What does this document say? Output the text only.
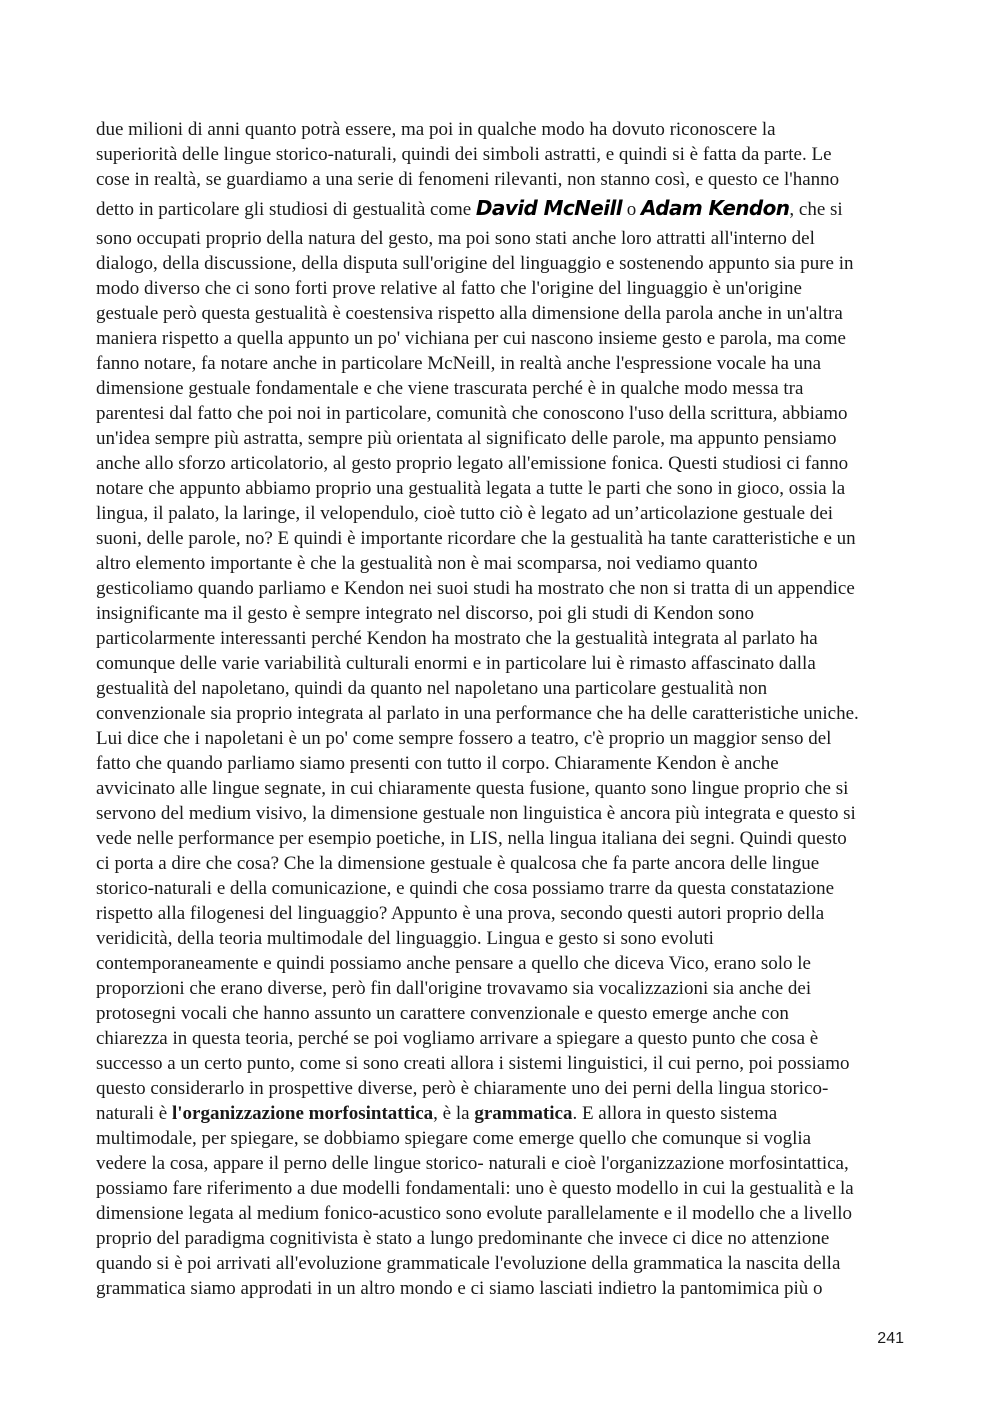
due milioni di anni quanto potrà essere, ma poi in qualche modo ha dovuto riconoscere la
superiorità delle lingue storico-naturali, quindi dei simboli astratti, e quindi si è fatta da parte. Le
cose in realtà, se guardiamo a una serie di fenomeni rilevanti, non stanno così, e questo ce l'hanno
detto in particolare gli studiosi di gestualità come David McNeill o Adam Kendon, che si
sono occupati proprio della natura del gesto, ma poi sono stati anche loro attratti all'interno del
dialogo, della discussione, della disputa sull'origine del linguaggio e sostenendo appunto sia pure in
modo diverso che ci sono forti prove relative al fatto che l'origine del linguaggio è un'origine
gestuale però questa gestualità è coestensiva rispetto alla dimensione della parola anche in un'altra
maniera rispetto a quella appunto un po' vichiana per cui nascono insieme gesto e parola, ma come
fanno notare, fa notare anche in particolare McNeill, in realtà anche l'espressione vocale ha una
dimensione gestuale fondamentale e che viene trascurata perché è in qualche modo messa tra
parentesi dal fatto che poi noi in particolare, comunità che conoscono l'uso della scrittura, abbiamo
un'idea sempre più astratta, sempre più orientata al significato delle parole, ma appunto pensiamo
anche allo sforzo articolatorio, al gesto proprio legato all'emissione fonica. Questi studiosi ci fanno
notare che appunto abbiamo proprio una gestualità legata a tutte le parti che sono in gioco, ossia la
lingua, il palato, la laringe, il velopendulo, cioè tutto ciò è legato ad un’articolazione gestuale dei
suoni, delle parole, no? E quindi è importante ricordare che la gestualità ha tante caratteristiche e un
altro elemento importante è che la gestualità non è mai scomparsa, noi vediamo quanto
gesticoliamo quando parliamo e Kendon nei suoi studi ha mostrato che non si tratta di un appendice
insignificante ma il gesto è sempre integrato nel discorso, poi gli studi di Kendon sono
particolarmente interessanti perché Kendon ha mostrato che la gestualità integrata al parlato ha
comunque delle varie variabilità culturali enormi e in particolare lui è rimasto affascinato dalla
gestualità del napoletano, quindi da quanto nel napoletano una particolare gestualità non
convenzionale sia proprio integrata al parlato in una performance che ha delle caratteristiche uniche.
Lui dice che i napoletani è un po' come sempre fossero a teatro, c'è proprio un maggior senso del
fatto che quando parliamo siamo presenti con tutto il corpo. Chiaramente Kendon è anche
avvicinato alle lingue segnate, in cui chiaramente questa fusione, quanto sono lingue proprio che si
servono del medium visivo, la dimensione gestuale non linguistica è ancora più integrata e questo si
vede nelle performance per esempio poetiche, in LIS, nella lingua italiana dei segni. Quindi questo
ci porta a dire che cosa? Che la dimensione gestuale è qualcosa che fa parte ancora delle lingue
storico-naturali e della comunicazione, e quindi che cosa possiamo trarre da questa constatazione
rispetto alla filogenesi del linguaggio? Appunto è una prova, secondo questi autori proprio della
veridicità, della teoria multimodale del linguaggio. Lingua e gesto si sono evoluti
contemporaneamente e quindi possiamo anche pensare a quello che diceva Vico, erano solo le
proporzioni che erano diverse, però fin dall'origine trovavamo sia vocalizzazioni sia anche dei
protosegni vocali che hanno assunto un carattere convenzionale e questo emerge anche con
chiarezza in questa teoria, perché se poi vogliamo arrivare a spiegare a questo punto che cosa è
successo a un certo punto, come si sono creati allora i sistemi linguistici, il cui perno, poi possiamo
questo considerarlo in prospettive diverse, però è chiaramente uno dei perni della lingua storico-
naturali è l'organizzazione morfosintattica, è la grammatica. E allora in questo sistema
multimodale, per spiegare, se dobbiamo spiegare come emerge quello che comunque si voglia
vedere la cosa, appare il perno delle lingue storico- naturali e cioè l'organizzazione morfosintattica,
possiamo fare riferimento a due modelli fondamentali: uno è questo modello in cui la gestualità e la
dimensione legata al medium fonico-acustico sono evolute parallelamente e il modello che a livello
proprio del paradigma cognitivista è stato a lungo predominante che invece ci dice no attenzione
quando si è poi arrivati all'evoluzione grammaticale l'evoluzione della grammatica la nascita della
grammatica siamo approdati in un altro mondo e ci siamo lasciati indietro la pantomimica più o
241
